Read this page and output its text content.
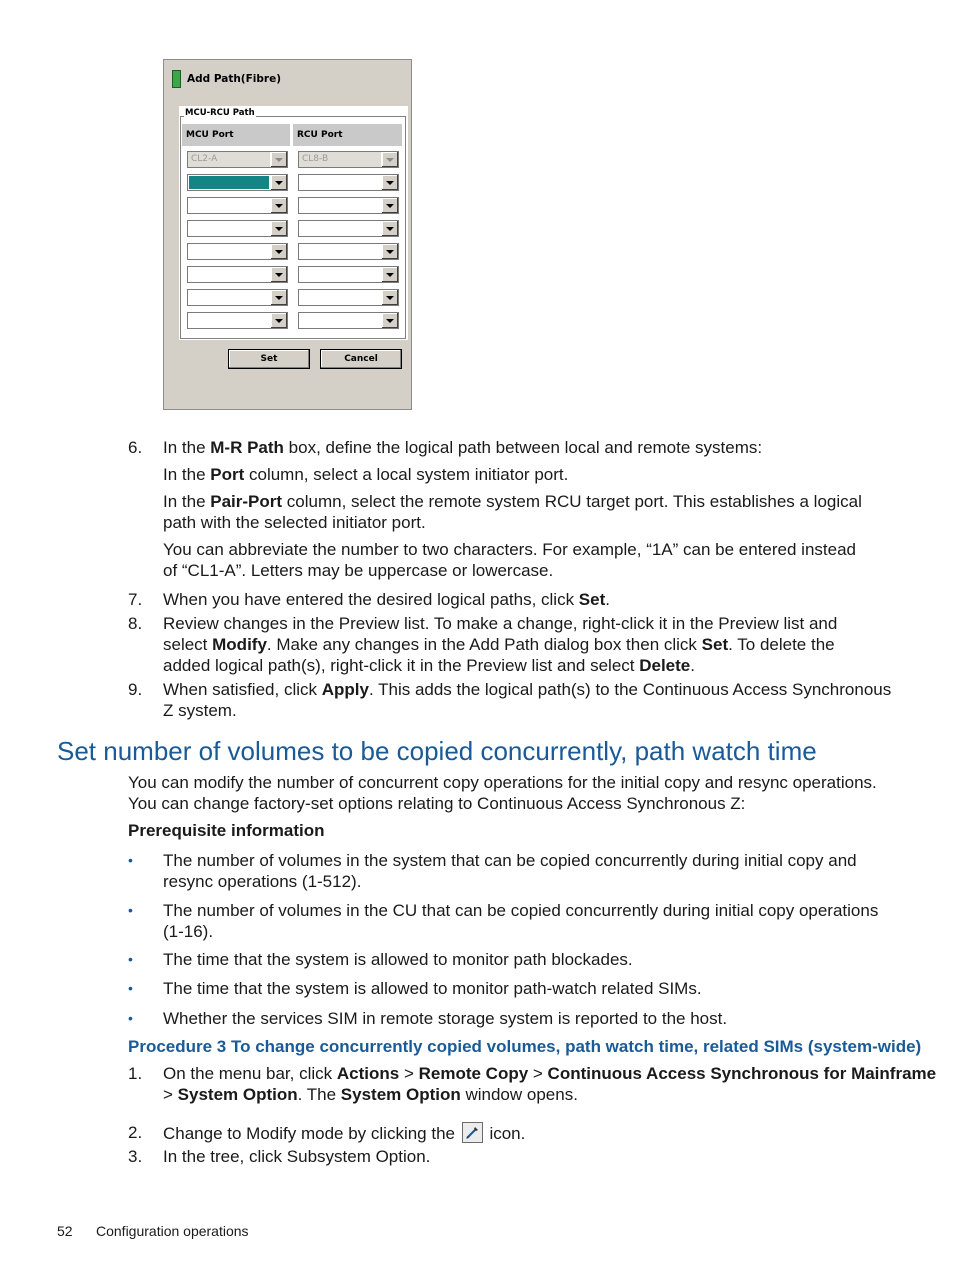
Add Path(Fibre)
MCU-RCU Path
MCU Port	RCU Port
CL2-A	CL8-B
Set	Cancel
6. In the M-R Path box, define the logical path between local and remote systems:

In the Port column, select a local system initiator port.

In the Pair-Port column, select the remote system RCU target port. This establishes a logical

path with the selected initiator port.

You can abbreviate the number to two characters. For example, “1A” can be entered instead

of “CL1-A”. Letters may be uppercase or lowercase.

7. When you have entered the desired logical paths, click Set.

8. Review changes in the Preview list. To make a change, right-click it in the Preview list and

select Modify. Make any changes in the Add Path dialog box then click Set. To delete the

added logical path(s), right-click it in the Preview list and select Delete.

9. When satisfied, click Apply. This adds the logical path(s) to the Continuous Access Synchronous

Z system.

Set number of volumes to be copied concurrently, path watch time

You can modify the number of concurrent copy operations for the initial copy and resync operations.

You can change factory-set options relating to Continuous Access Synchronous Z:

Prerequisite information
• The number of volumes in the system that can be copied concurrently during initial copy and

resync operations (1-512).

• The number of volumes in the CU that can be copied concurrently during initial copy operations

(1-16).

• The time that the system is allowed to monitor path blockades.

• The time that the system is allowed to monitor path-watch related SIMs.

• Whether the services SIM in remote storage system is reported to the host.

Procedure 3 To change concurrently copied volumes, path watch time, related SIMs (system-wide)
1. On the menu bar, click Actions > Remote Copy > Continuous Access Synchronous for Mainframe

> System Option. The System Option window opens.

2. Change to Modify mode by clicking the
icon.

3. In the tree, click Subsystem Option.

52 Configuration operations
